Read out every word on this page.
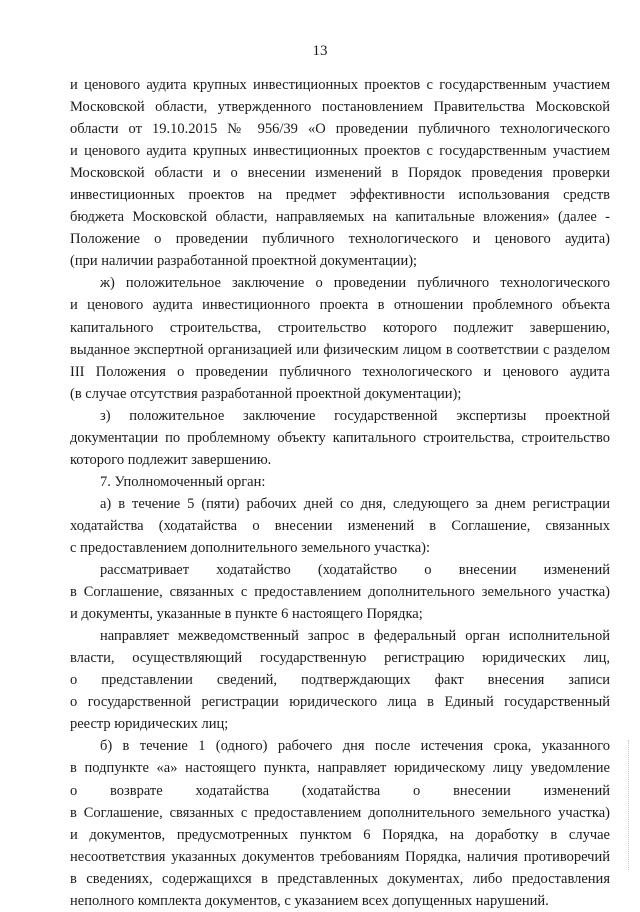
13
и ценового аудита крупных инвестиционных проектов с государственным участием
Московской области, утвержденного постановлением Правительства Московской
области от 19.10.2015 № 956/39 «О проведении публичного технологического
и ценового аудита крупных инвестиционных проектов с государственным участием
Московской области и о внесении изменений в Порядок проведения проверки
инвестиционных проектов на предмет эффективности использования средств
бюджета Московской области, направляемых на капитальные вложения» (далее -
Положение о проведении публичного технологического и ценового аудита)
(при наличии разработанной проектной документации);
ж) положительное заключение о проведении публичного технологического
и ценового аудита инвестиционного проекта в отношении проблемного объекта
капитального строительства, строительство которого подлежит завершению,
выданное экспертной организацией или физическим лицом в соответствии с разделом
III Положения о проведении публичного технологического и ценового аудита
(в случае отсутствия разработанной проектной документации);
з) положительное заключение государственной экспертизы проектной
документации по проблемному объекту капитального строительства, строительство
которого подлежит завершению.
7. Уполномоченный орган:
а) в течение 5 (пяти) рабочих дней со дня, следующего за днем регистрации
ходатайства (ходатайства о внесении изменений в Соглашение, связанных
с предоставлением дополнительного земельного участка):
рассматривает ходатайство (ходатайство о внесении изменений
в Соглашение, связанных с предоставлением дополнительного земельного участка)
и документы, указанные в пункте 6 настоящего Порядка;
направляет межведомственный запрос в федеральный орган исполнительной
власти, осуществляющий государственную регистрацию юридических лиц,
о представлении сведений, подтверждающих факт внесения записи
о государственной регистрации юридического лица в Единый государственный
реестр юридических лиц;
б) в течение 1 (одного) рабочего дня после истечения срока, указанного
в подпункте «а» настоящего пункта, направляет юридическому лицу уведомление
о возврате ходатайства (ходатайства о внесении изменений
в Соглашение, связанных с предоставлением дополнительного земельного участка)
и документов, предусмотренных пунктом 6 Порядка, на доработку в случае
несоответствия указанных документов требованиям Порядка, наличия противоречий
в сведениях, содержащихся в представленных документах, либо предоставления
неполного комплекта документов, с указанием всех допущенных нарушений.
